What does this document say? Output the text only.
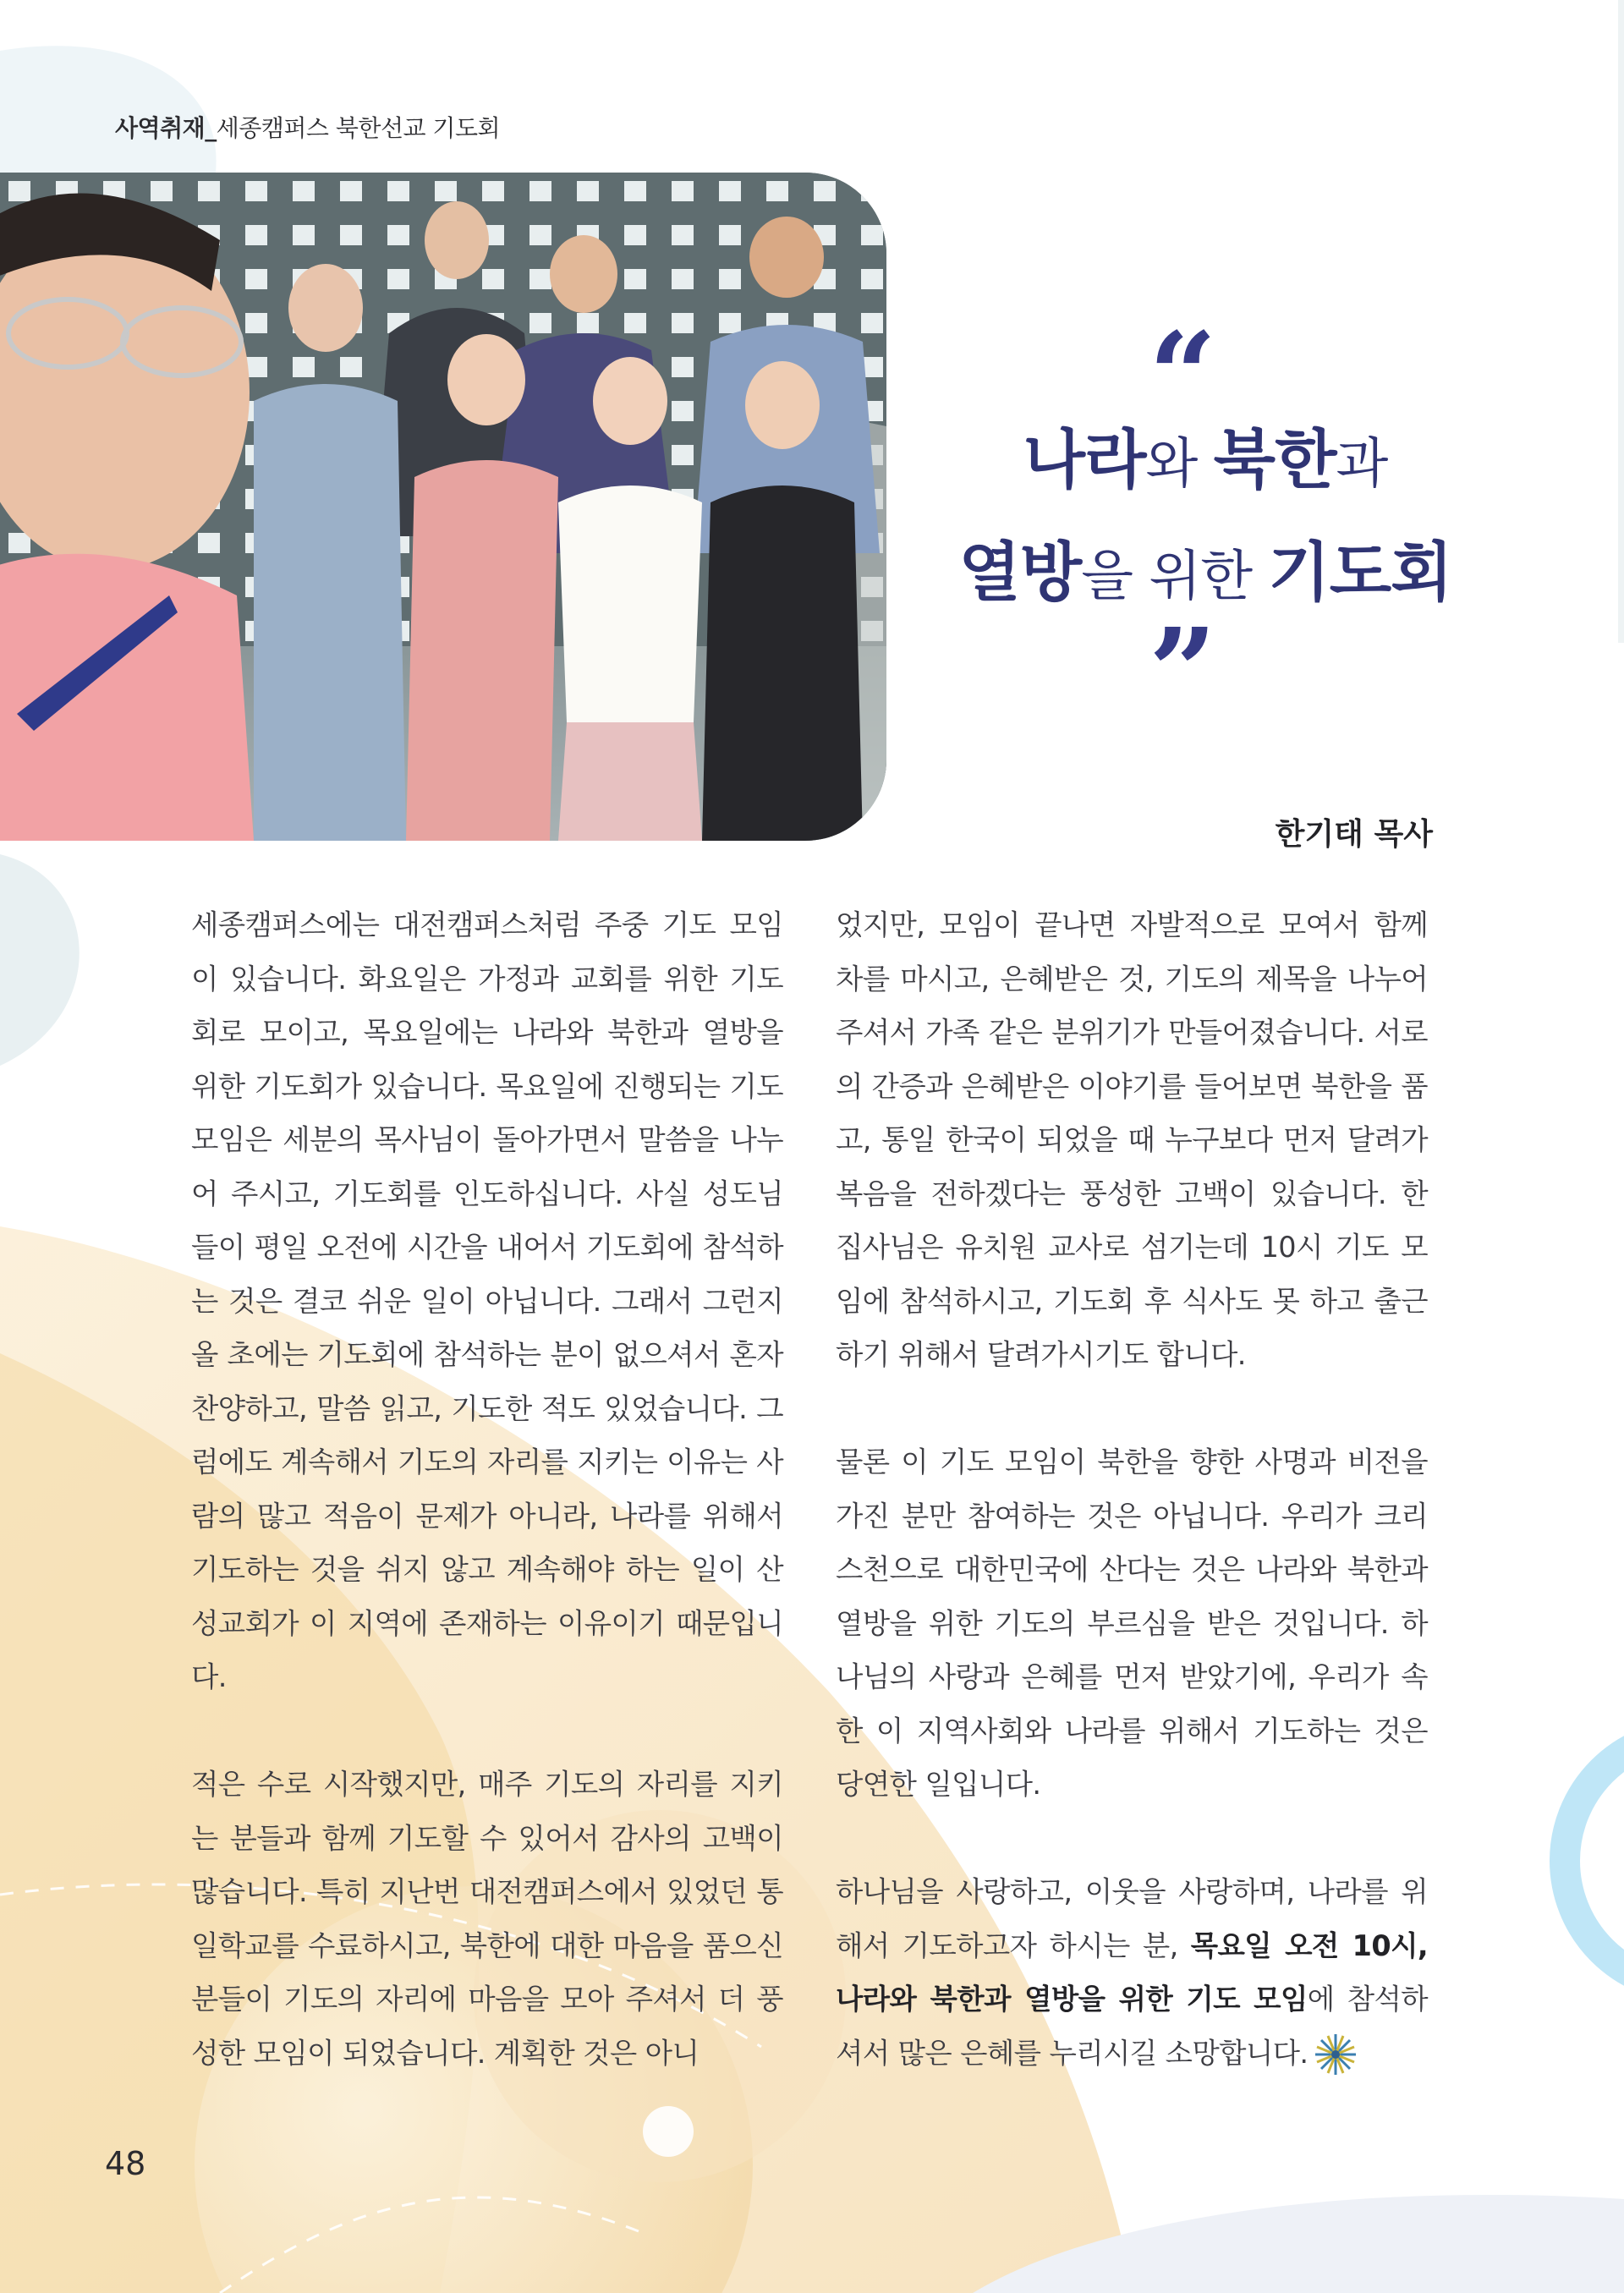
사역취재_세종캠퍼스 북한선교 기도회
“
나라와 북한과
열방을 위한 기도회
”
한기태 목사

세종캠퍼스에는 대전캠퍼스처럼 주중 기도 모임이 있습니다. 화요일은 가정과 교회를 위한 기도회로 모이고, 목요일에는 나라와 북한과 열방을 위한 기도회가 있습니다. 목요일에 진행되는 기도 모임은 세분의 목사님이 돌아가면서 말씀을 나누어 주시고, 기도회를 인도하십니다. 사실 성도님들이 평일 오전에 시간을 내어서 기도회에 참석하는 것은 결코 쉬운 일이 아닙니다. 그래서 그런지 올 초에는 기도회에 참석하는 분이 없으셔서 혼자 찬양하고, 말씀 읽고, 기도한 적도 있었습니다. 그럼에도 계속해서 기도의 자리를 지키는 이유는 사람의 많고 적음이 문제가 아니라, 나라를 위해서 기도하는 것을 쉬지 않고 계속해야 하는 일이 산성교회가 이 지역에 존재하는 이유이기 때문입니다.

적은 수로 시작했지만, 매주 기도의 자리를 지키는 분들과 함께 기도할 수 있어서 감사의 고백이 많습니다. 특히 지난번 대전캠퍼스에서 있었던 통일학교를 수료하시고, 북한에 대한 마음을 품으신 분들이 기도의 자리에 마음을 모아 주셔서 더 풍성한 모임이 되었습니다. 계획한 것은 아니

었지만, 모임이 끝나면 자발적으로 모여서 함께 차를 마시고, 은혜받은 것, 기도의 제목을 나누어 주셔서 가족 같은 분위기가 만들어졌습니다. 서로의 간증과 은혜받은 이야기를 들어보면 북한을 품고, 통일 한국이 되었을 때 누구보다 먼저 달려가 복음을 전하겠다는 풍성한 고백이 있습니다. 한 집사님은 유치원 교사로 섬기는데 10시 기도 모임에 참석하시고, 기도회 후 식사도 못 하고 출근하기 위해서 달려가시기도 합니다.

물론 이 기도 모임이 북한을 향한 사명과 비전을 가진 분만 참여하는 것은 아닙니다. 우리가 크리스천으로 대한민국에 산다는 것은 나라와 북한과 열방을 위한 기도의 부르심을 받은 것입니다. 하나님의 사랑과 은혜를 먼저 받았기에, 우리가 속한 이 지역사회와 나라를 위해서 기도하는 것은 당연한 일입니다.

하나님을 사랑하고, 이웃을 사랑하며, 나라를 위해서 기도하고자 하시는 분, 목요일 오전 10시, 나라와 북한과 열방을 위한 기도 모임에 참석하셔서 많은 은혜를 누리시길 소망합니다.

48
